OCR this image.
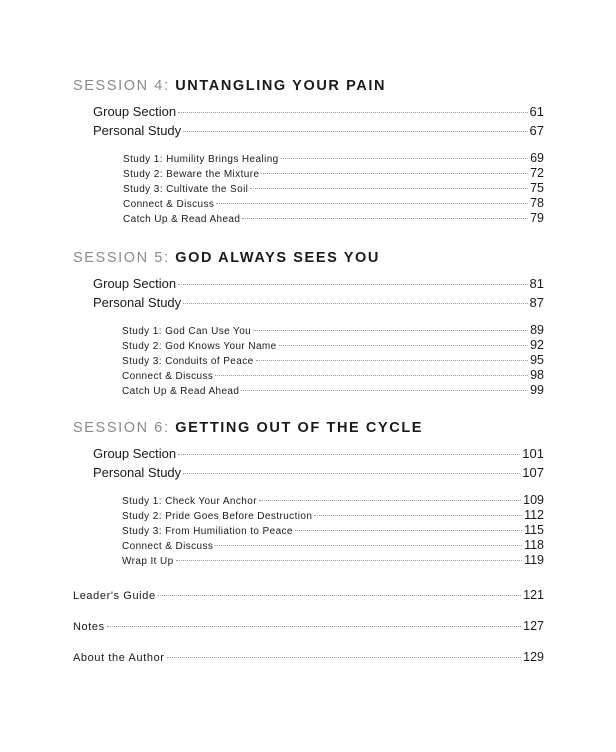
SESSION 4: UNTANGLING YOUR PAIN
Group Section	61
Personal Study	67
Study 1: Humility Brings Healing	69
Study 2: Beware the Mixture	72
Study 3: Cultivate the Soil	75
Connect & Discuss	78
Catch Up & Read Ahead	79
SESSION 5: GOD ALWAYS SEES YOU
Group Section	81
Personal Study	87
Study 1: God Can Use You	89
Study 2: God Knows Your Name	92
Study 3: Conduits of Peace	95
Connect & Discuss	98
Catch Up & Read Ahead	99
SESSION 6: GETTING OUT OF THE CYCLE
Group Section	101
Personal Study	107
Study 1: Check Your Anchor	109
Study 2: Pride Goes Before Destruction	112
Study 3: From Humiliation to Peace	115
Connect & Discuss	118
Wrap It Up	119
Leader's Guide	121
Notes	127
About the Author	129
